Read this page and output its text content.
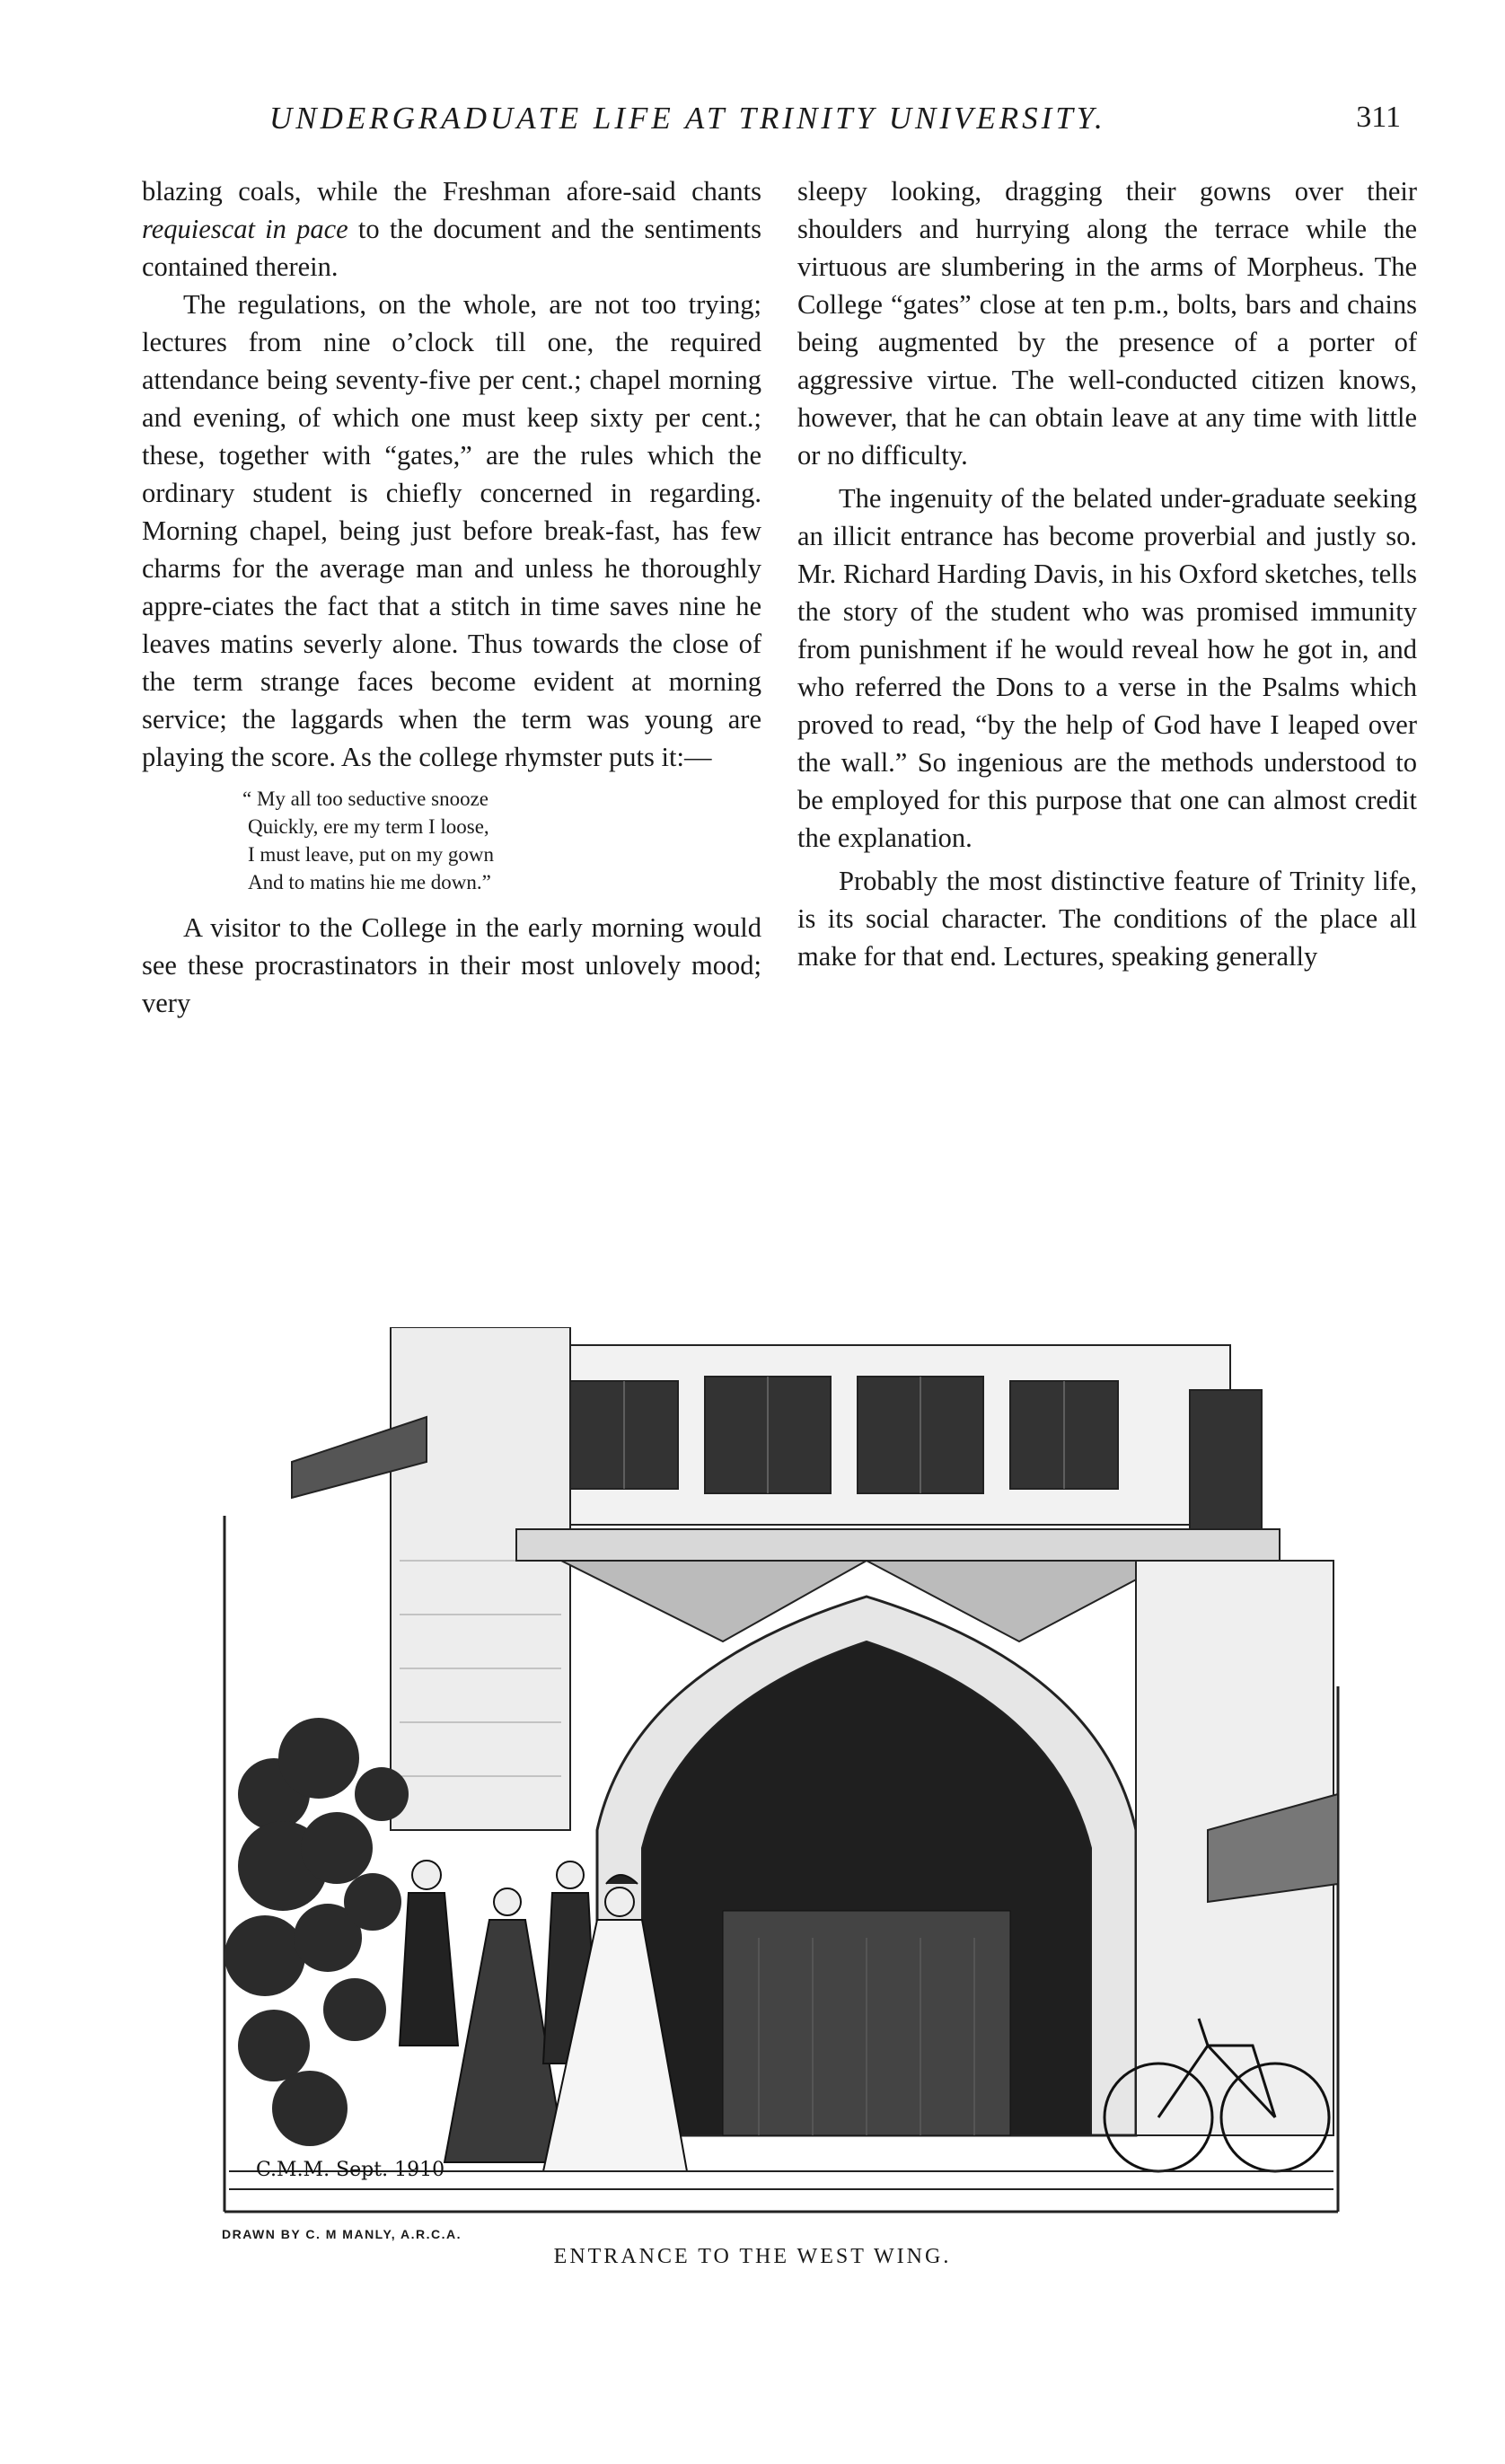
UNDERGRADUATE LIFE AT TRINITY UNIVERSITY.	311

blazing coals, while the Freshman afore-said chants requiescat in pace to the document and the sentiments contained therein.

The regulations, on the whole, are not too trying; lectures from nine o’clock till one, the required attendance being seventy-five per cent.; chapel morning and evening, of which one must keep sixty per cent.; these, together with “gates,” are the rules which the ordinary student is chiefly concerned in regarding. Morning chapel, being just before break-fast, has few charms for the average man and unless he thoroughly appre-ciates the fact that a stitch in time saves nine he leaves matins severly alone. Thus towards the close of the term strange faces become evident at morning service; the laggards when the term was young are playing the score. As the college rhymster puts it:—

“ My all too seductive snooze
Quickly, ere my term I loose,
I must leave, put on my gown
And to matins hie me down.”

A visitor to the College in the early morning would see these procrastinators in their most unlovely mood; very

sleepy looking, dragging their gowns over their shoulders and hurrying along the terrace while the virtuous are slumbering in the arms of Morpheus. The College “gates” close at ten p.m., bolts, bars and chains being augmented by the presence of a porter of aggressive virtue. The well-conducted citizen knows, however, that he can obtain leave at any time with little or no difficulty.

The ingenuity of the belated under-graduate seeking an illicit entrance has become proverbial and justly so. Mr. Richard Harding Davis, in his Oxford sketches, tells the story of the student who was promised immunity from punishment if he would reveal how he got in, and who referred the Dons to a verse in the Psalms which proved to read, “by the help of God have I leaped over the wall.” So ingenious are the methods understood to be employed for this purpose that one can almost credit the explanation.

Probably the most distinctive feature of Trinity life, is its social character. The conditions of the place all make for that end. Lectures, speaking generally

C.M.M. Sept. 1910
DRAWN BY C. M MANLY, A.R.C.A.
ENTRANCE TO THE WEST WING.
